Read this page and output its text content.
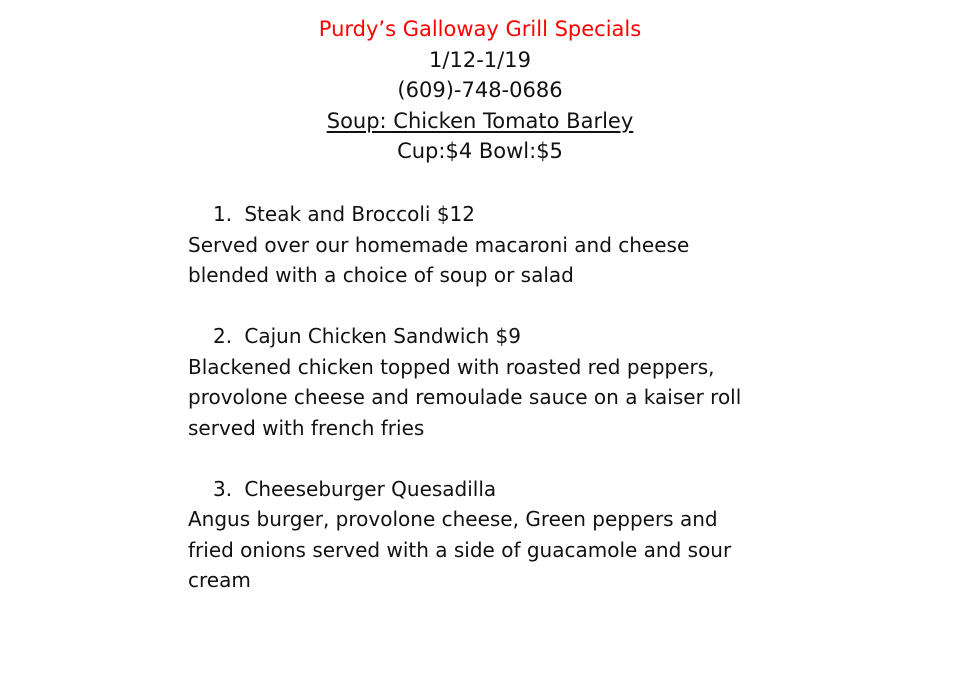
Purdy’s Galloway Grill Specials
1/12-1/19
(609)-748-0686
Soup: Chicken Tomato Barley
Cup:$4 Bowl:$5
1. Steak and Broccoli $12
Served over our homemade macaroni and cheese
blended with a choice of soup or salad
2. Cajun Chicken Sandwich $9
Blackened chicken topped with roasted red peppers,
provolone cheese and remoulade sauce on a kaiser roll
served with french fries
3. Cheeseburger Quesadilla
Angus burger, provolone cheese, Green peppers and
fried onions served with a side of guacamole and sour
cream
